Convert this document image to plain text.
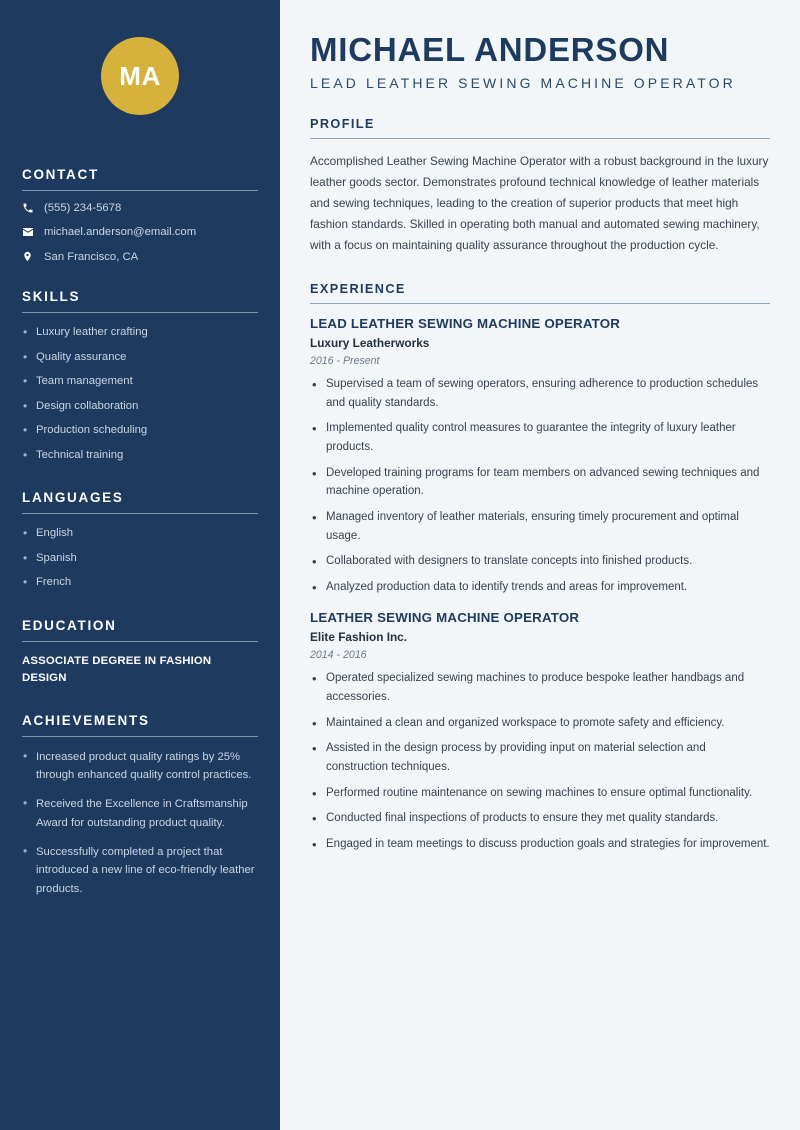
MA
CONTACT
(555) 234-5678
michael.anderson@email.com
San Francisco, CA
SKILLS
• Luxury leather crafting
• Quality assurance
• Team management
• Design collaboration
• Production scheduling
• Technical training
LANGUAGES
• English
• Spanish
• French
EDUCATION
ASSOCIATE DEGREE IN FASHION DESIGN
ACHIEVEMENTS
• Increased product quality ratings by 25% through enhanced quality control practices.
• Received the Excellence in Craftsmanship Award for outstanding product quality.
• Successfully completed a project that introduced a new line of eco-friendly leather products.
MICHAEL ANDERSON
LEAD LEATHER SEWING MACHINE OPERATOR
PROFILE

Accomplished Leather Sewing Machine Operator with a robust background in the luxury leather goods sector. Demonstrates profound technical knowledge of leather materials and sewing techniques, leading to the creation of superior products that meet high fashion standards. Skilled in operating both manual and automated sewing machinery, with a focus on maintaining quality assurance throughout the production cycle.

EXPERIENCE
LEAD LEATHER SEWING MACHINE OPERATOR
Luxury Leatherworks
2016 - Present
• Supervised a team of sewing operators, ensuring adherence to production schedules and quality standards.
• Implemented quality control measures to guarantee the integrity of luxury leather products.
• Developed training programs for team members on advanced sewing techniques and machine operation.
• Managed inventory of leather materials, ensuring timely procurement and optimal usage.
• Collaborated with designers to translate concepts into finished products.
• Analyzed production data to identify trends and areas for improvement.
LEATHER SEWING MACHINE OPERATOR
Elite Fashion Inc.
2014 - 2016
• Operated specialized sewing machines to produce bespoke leather handbags and accessories.
• Maintained a clean and organized workspace to promote safety and efficiency.
• Assisted in the design process by providing input on material selection and construction techniques.
• Performed routine maintenance on sewing machines to ensure optimal functionality.
• Conducted final inspections of products to ensure they met quality standards.
• Engaged in team meetings to discuss production goals and strategies for improvement.
